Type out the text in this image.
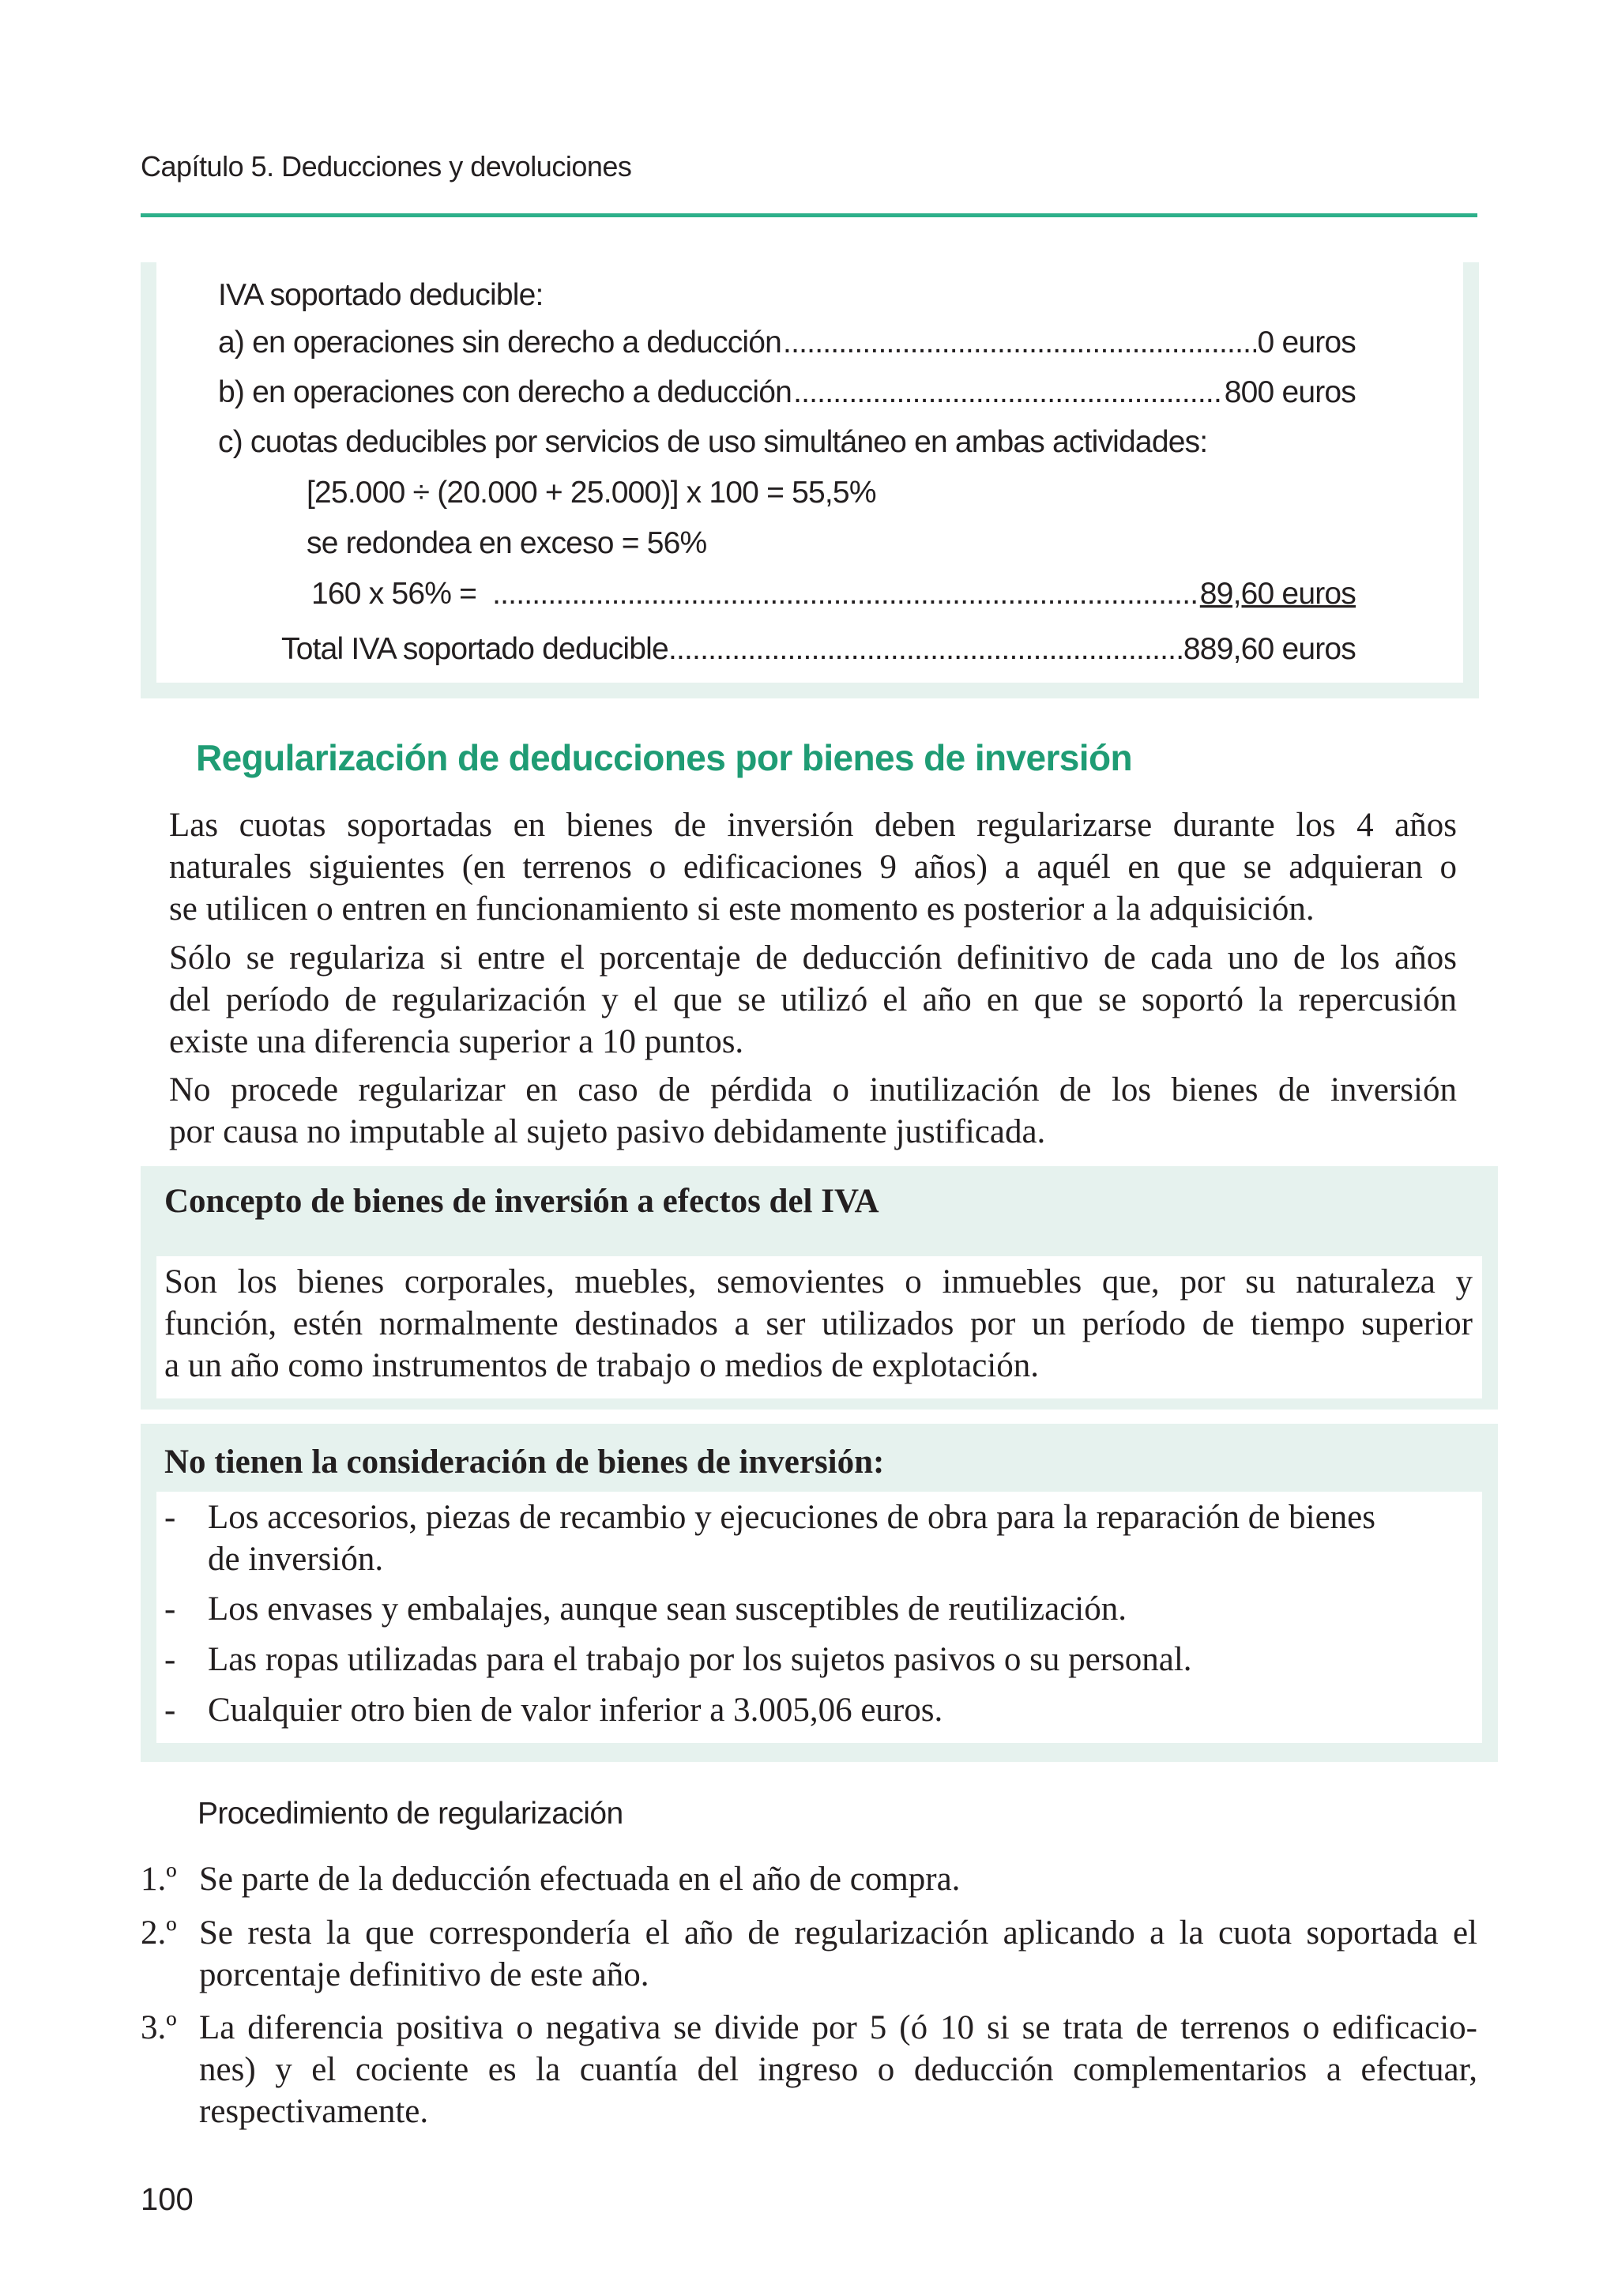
Capítulo 5. Deducciones y devoluciones
IVA soportado deducible:
a) en operaciones sin derecho a deducción .....	0 euros
b) en operaciones con derecho a deducción .....	800 euros
c) cuotas deducibles por servicios de uso simultáneo en ambas actividades:
[25.000 ÷ (20.000 + 25.000)] x 100 = 55,5%
se redondea en exceso = 56%
160 x 56% = .....	89,60 euros
Total IVA soportado deducible .....	889,60 euros
Regularización de deducciones por bienes de inversión
Las cuotas soportadas en bienes de inversión deben regularizarse durante los 4 años
naturales siguientes (en terrenos o edificaciones 9 años) a aquél en que se adquieran o
se utilicen o entren en funcionamiento si este momento es posterior a la adquisición.
Sólo se regulariza si entre el porcentaje de deducción definitivo de cada uno de los años
del período de regularización y el que se utilizó el año en que se soportó la repercusión
existe una diferencia superior a 10 puntos.
No procede regularizar en caso de pérdida o inutilización de los bienes de inversión
por causa no imputable al sujeto pasivo debidamente justificada.
Concepto de bienes de inversión a efectos del IVA
Son los bienes corporales, muebles, semovientes o inmuebles que, por su naturaleza y
función, estén normalmente destinados a ser utilizados por un período de tiempo superior
a un año como instrumentos de trabajo o medios de explotación.
No tienen la consideración de bienes de inversión:
- Los accesorios, piezas de recambio y ejecuciones de obra para la reparación de bienes
de inversión.
- Los envases y embalajes, aunque sean susceptibles de reutilización.
- Las ropas utilizadas para el trabajo por los sujetos pasivos o su personal.
- Cualquier otro bien de valor inferior a 3.005,06 euros.
Procedimiento de regularización
1.º Se parte de la deducción efectuada en el año de compra.
2.º Se resta la que correspondería el año de regularización aplicando a la cuota soportada el
porcentaje definitivo de este año.
3.º La diferencia positiva o negativa se divide por 5 (ó 10 si se trata de terrenos o edificacio-
nes) y el cociente es la cuantía del ingreso o deducción complementarios a efectuar,
respectivamente.
100
